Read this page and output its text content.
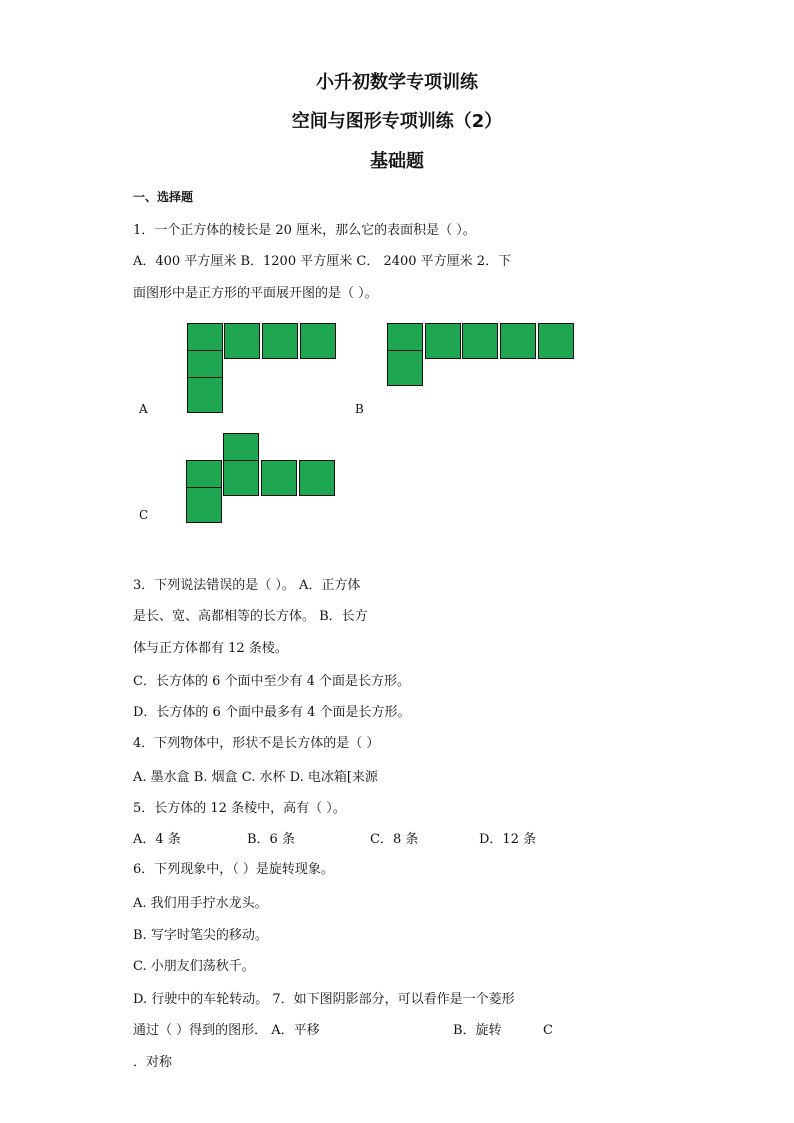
小升初数学专项训练
空间与图形专项训练（2）
基础题
一、选择题
1．一个正方体的棱长是 20 厘米，那么它的表面积是（ ）。
A．400 平方厘米 B．1200 平方厘米 C． 2400 平方厘米 2．下
面图形中是正方形的平面展开图的是（ ）。
A	B
C
3．下列说法错误的是（ ）。 A．正方体
是长、宽、高都相等的长方体。 B．长方
体与正方体都有 12 条棱。
C．长方体的 6 个面中至少有 4 个面是长方形。
D．长方体的 6 个面中最多有 4 个面是长方形。
4．下列物体中，形状不是长方体的是（ ）
A. 墨水盒 B. 烟盒 C. 水杯 D. 电冰箱[来源
5．长方体的 12 条棱中，高有（ ）。
A．4 条	B．6 条	C．8 条	D．12 条
6．下列现象中，（ ）是旋转现象。
A. 我们用手拧水龙头。
B. 写字时笔尖的移动。
C. 小朋友们荡秋千。
D. 行驶中的车轮转动。 7．如下图阴影部分，可以看作是一个菱形
通过（ ）得到的图形． A．平移	B．旋转	C
．对称
